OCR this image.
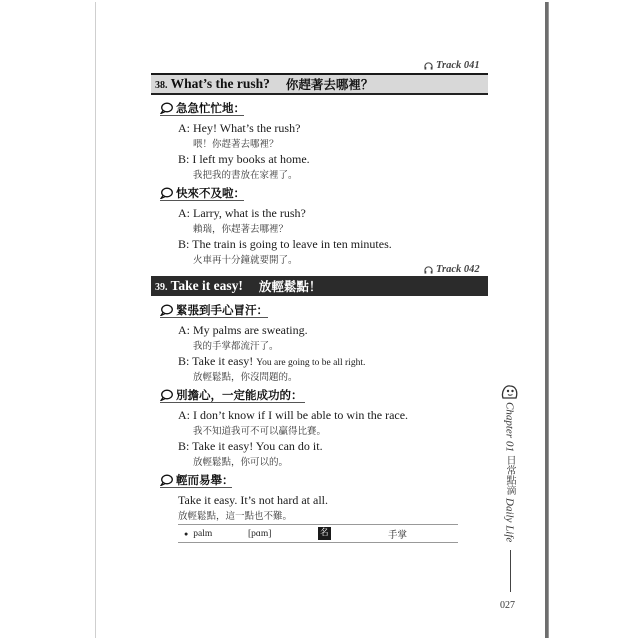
Track 041
38. What’s the rush? 你趕著去哪裡？
急急忙忙地：
A: Hey! What’s the rush?
喂！你趕著去哪裡？
B: I left my books at home.
我把我的書放在家裡了。
快來不及啦：
A: Larry, what is the rush?
賴瑞，你趕著去哪裡？
B: The train is going to leave in ten minutes.
火車再十分鐘就要開了。
Track 042
39. Take it easy! 放輕鬆點！
緊張到手心冒汗：
A: My palms are sweating.
我的手掌都流汗了。
B: Take it easy! You are going to be all right.
放輕鬆點，你沒問題的。
別擔心，一定能成功的：
A: I don’t know if I will be able to win the race.
我不知道我可不可以贏得比賽。
B: Take it easy! You can do it.
放輕鬆點，你可以的。
輕而易舉：
Take it easy. It’s not hard at all.
放輕鬆點，這一點也不難。
● palm	[pɑm]	名	手掌
Chapter
01
日常點滴
Daily Life
027
